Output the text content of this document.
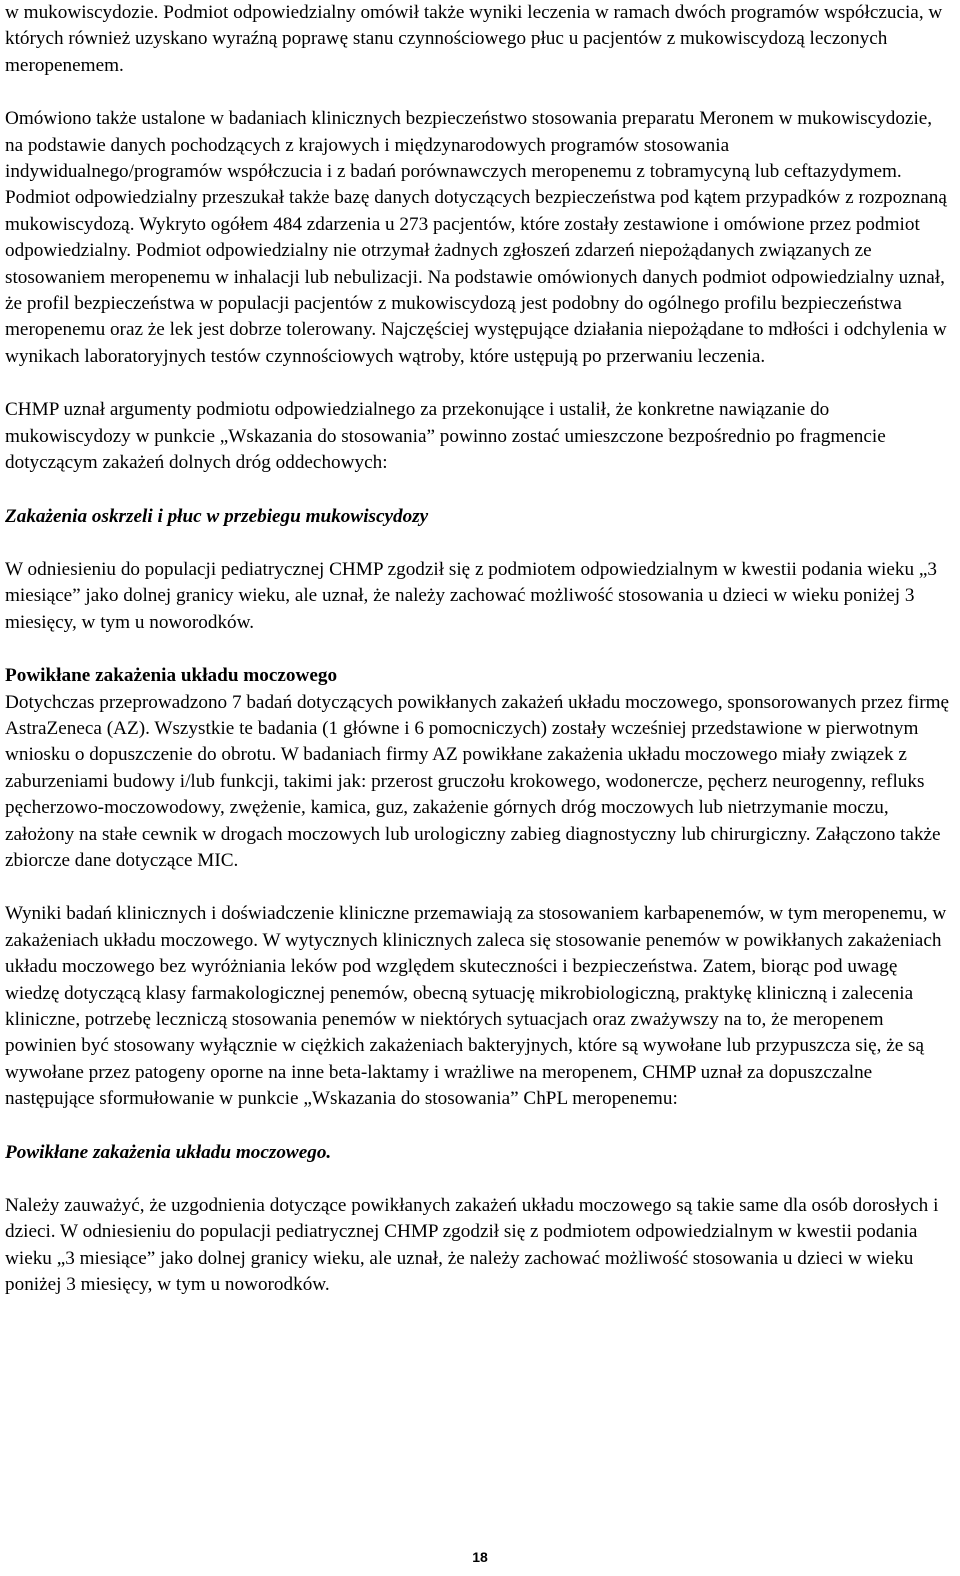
w mukowiscydozie. Podmiot odpowiedzialny omówił także wyniki leczenia w ramach dwóch programów współczucia, w których również uzyskano wyraźną poprawę stanu czynnościowego płuc u pacjentów z mukowiscydozą leczonych meropenemem.

Omówiono także ustalone w badaniach klinicznych bezpieczeństwo stosowania preparatu Meronem w mukowiscydozie, na podstawie danych pochodzących z krajowych i międzynarodowych programów stosowania indywidualnego/programów współczucia i z badań porównawczych meropenemu z tobramycyną lub ceftazydymem. Podmiot odpowiedzialny przeszukał także bazę danych dotyczących bezpieczeństwa pod kątem przypadków z rozpoznaną mukowiscydozą. Wykryto ogółem 484 zdarzenia u 273 pacjentów, które zostały zestawione i omówione przez podmiot odpowiedzialny. Podmiot odpowiedzialny nie otrzymał żadnych zgłoszeń zdarzeń niepożądanych związanych ze stosowaniem meropenemu w inhalacji lub nebulizacji. Na podstawie omówionych danych podmiot odpowiedzialny uznał, że profil bezpieczeństwa w populacji pacjentów z mukowiscydozą jest podobny do ogólnego profilu bezpieczeństwa meropenemu oraz że lek jest dobrze tolerowany. Najczęściej występujące działania niepożądane to mdłości i odchylenia w wynikach laboratoryjnych testów czynnościowych wątroby, które ustępują po przerwaniu leczenia.

CHMP uznał argumenty podmiotu odpowiedzialnego za przekonujące i ustalił, że konkretne nawiązanie do mukowiscydozy w punkcie „Wskazania do stosowania” powinno zostać umieszczone bezpośrednio po fragmencie dotyczącym zakażeń dolnych dróg oddechowych:

Zakażenia oskrzeli i płuc w przebiegu mukowiscydozy

W odniesieniu do populacji pediatrycznej CHMP zgodził się z podmiotem odpowiedzialnym w kwestii podania wieku „3 miesiące” jako dolnej granicy wieku, ale uznał, że należy zachować możliwość stosowania u dzieci w wieku poniżej 3 miesięcy, w tym u noworodków.

Powikłane zakażenia układu moczowego

Dotychczas przeprowadzono 7 badań dotyczących powikłanych zakażeń układu moczowego, sponsorowanych przez firmę AstraZeneca (AZ). Wszystkie te badania (1 główne i 6 pomocniczych) zostały wcześniej przedstawione w pierwotnym wniosku o dopuszczenie do obrotu. W badaniach firmy AZ powikłane zakażenia układu moczowego miały związek z zaburzeniami budowy i/lub funkcji, takimi jak: przerost gruczołu krokowego, wodonercze, pęcherz neurogenny, refluks pęcherzowo-moczowodowy, zwężenie, kamica, guz, zakażenie górnych dróg moczowych lub nietrzymanie moczu, założony na stałe cewnik w drogach moczowych lub urologiczny zabieg diagnostyczny lub chirurgiczny. Załączono także zbiorcze dane dotyczące MIC.

Wyniki badań klinicznych i doświadczenie kliniczne przemawiają za stosowaniem karbapenemów, w tym meropenemu, w zakażeniach układu moczowego. W wytycznych klinicznych zaleca się stosowanie penemów w powikłanych zakażeniach układu moczowego bez wyróżniania leków pod względem skuteczności i bezpieczeństwa. Zatem, biorąc pod uwagę wiedzę dotyczącą klasy farmakologicznej penemów, obecną sytuację mikrobiologiczną, praktykę kliniczną i zalecenia kliniczne, potrzebę leczniczą stosowania penemów w niektórych sytuacjach oraz zważywszy na to, że meropenem powinien być stosowany wyłącznie w ciężkich zakażeniach bakteryjnych, które są wywołane lub przypuszcza się, że są wywołane przez patogeny oporne na inne beta-laktamy i wrażliwe na meropenem, CHMP uznał za dopuszczalne następujące sformułowanie w punkcie „Wskazania do stosowania” ChPL meropenemu:

Powikłane zakażenia układu moczowego.

Należy zauważyć, że uzgodnienia dotyczące powikłanych zakażeń układu moczowego są takie same dla osób dorosłych i dzieci. W odniesieniu do populacji pediatrycznej CHMP zgodził się z podmiotem odpowiedzialnym w kwestii podania wieku „3 miesiące” jako dolnej granicy wieku, ale uznał, że należy zachować możliwość stosowania u dzieci w wieku poniżej 3 miesięcy, w tym u noworodków.

18
